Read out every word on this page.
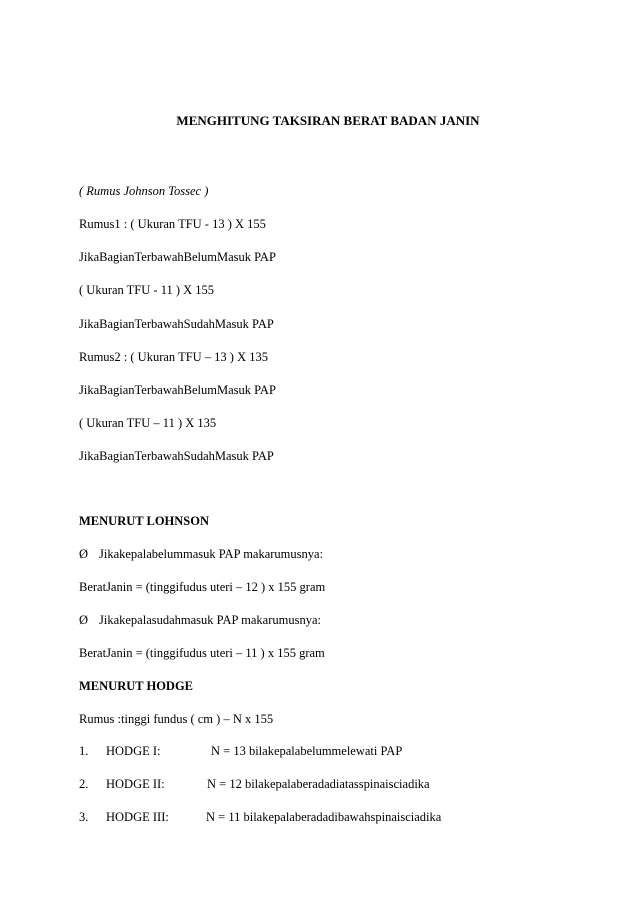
MENGHITUNG TAKSIRAN BERAT BADAN JANIN
( Rumus Johnson Tossec )
Rumus1 : ( Ukuran TFU - 13 ) X 155
JikaBagianTerbawahBelumMasuk PAP
( Ukuran TFU - 11 ) X 155
JikaBagianTerbawahSudahMasuk PAP
Rumus2 : ( Ukuran TFU – 13 ) X 135
JikaBagianTerbawahBelumMasuk PAP
( Ukuran TFU – 11 ) X 135
JikaBagianTerbawahSudahMasuk PAP
MENURUT LOHNSON
Ø Jikakepalabelummasuk PAP makarumusnya:
BeratJanin = (tinggifudus uteri – 12 ) x 155 gram
Ø Jikakepalasudahmasuk PAP makarumusnya:
BeratJanin = (tinggifudus uteri – 11 ) x 155 gram
MENURUT HODGE
Rumus :tinggi fundus ( cm ) – N x 155
1. HODGE I:	N = 13 bilakepalabelummelewati PAP
2. HODGE II:	N = 12 bilakepalaberadadiatasspinaisciadika
3. HODGE III:	N = 11 bilakepalaberadadibawahspinaisciadika
